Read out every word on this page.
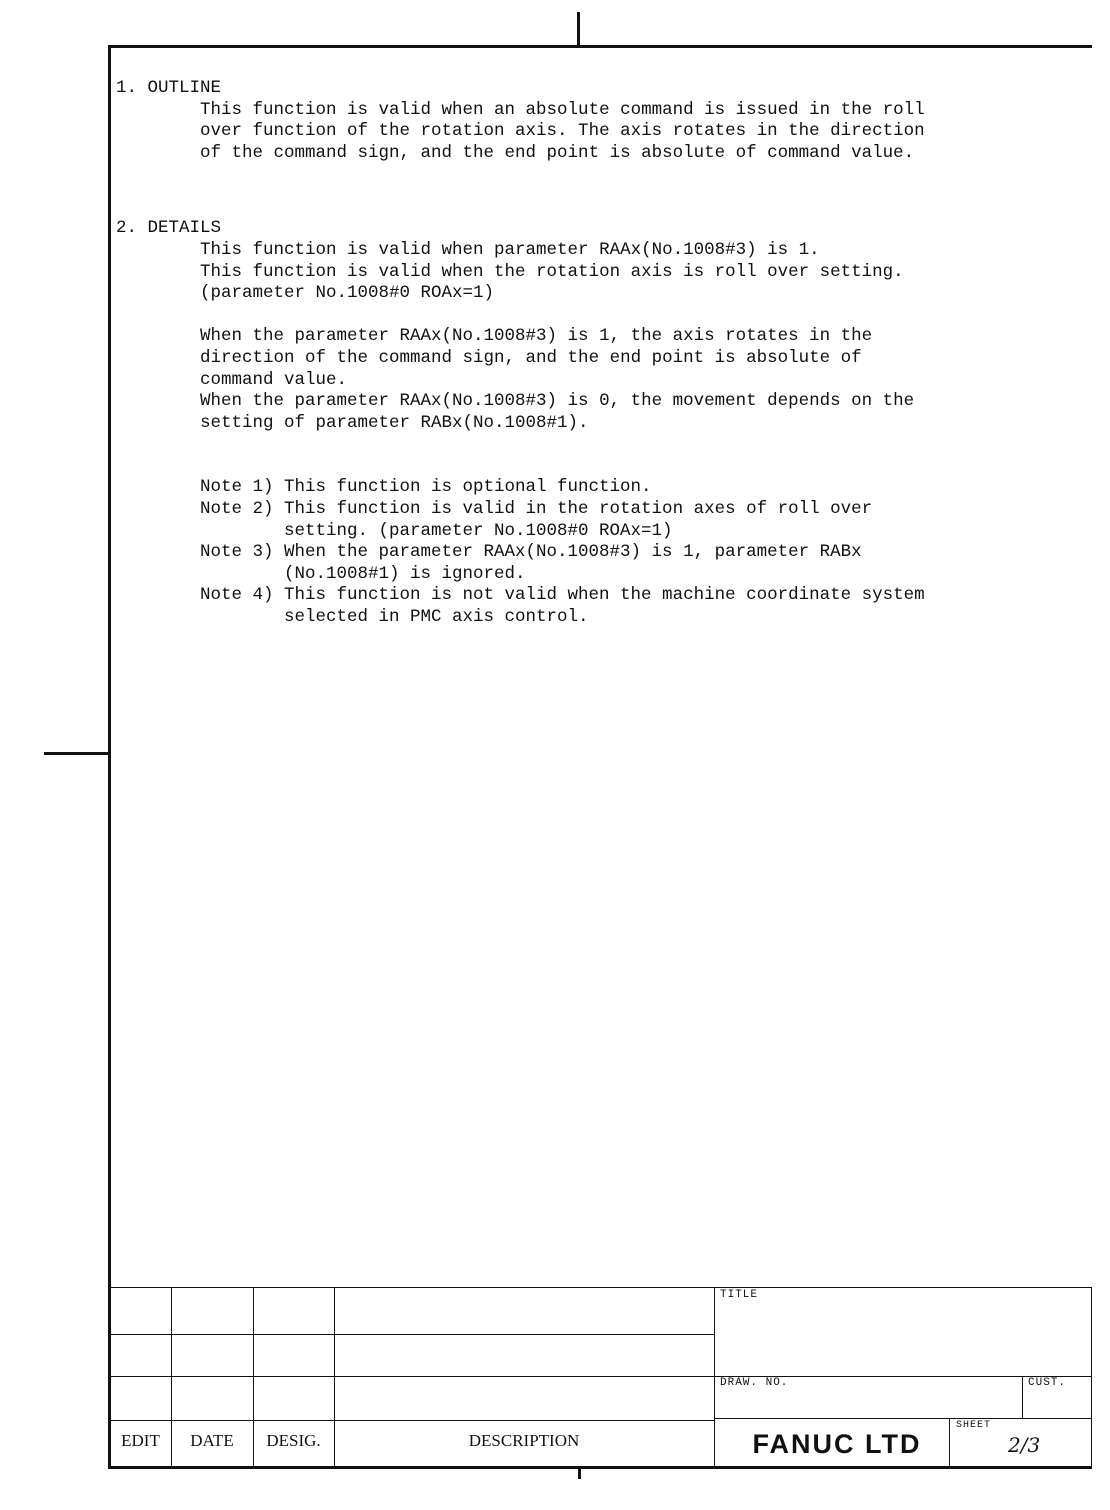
1. OUTLINE

This function is valid when an absolute command is issued in the roll

over function of the rotation axis. The axis rotates in the direction

of the command sign, and the end point is absolute of command value.

2. DETAILS

This function is valid when parameter RAAx(No.1008#3) is 1.

This function is valid when the rotation axis is roll over setting.

(parameter No.1008#0 ROAx=1)

When the parameter RAAx(No.1008#3) is 1, the axis rotates in the

direction of the command sign, and the end point is absolute of

command value.

When the parameter RAAx(No.1008#3) is 0, the movement depends on the

setting of parameter RABx(No.1008#1).

Note 1) This function is optional function.
Note 2) This function is valid in the rotation axes of roll over
setting. (parameter No.1008#0 ROAx=1)
Note 3) When the parameter RAAx(No.1008#3) is 1, parameter RABx
(No.1008#1) is ignored.
Note 4) This function is not valid when the machine coordinate system
selected in PMC axis control.
EDIT	DATE	DESIG.	DESCRIPTION
TITLE
DRAW. NO.	CUST.
SHEET
FANUC LTD	2/3
